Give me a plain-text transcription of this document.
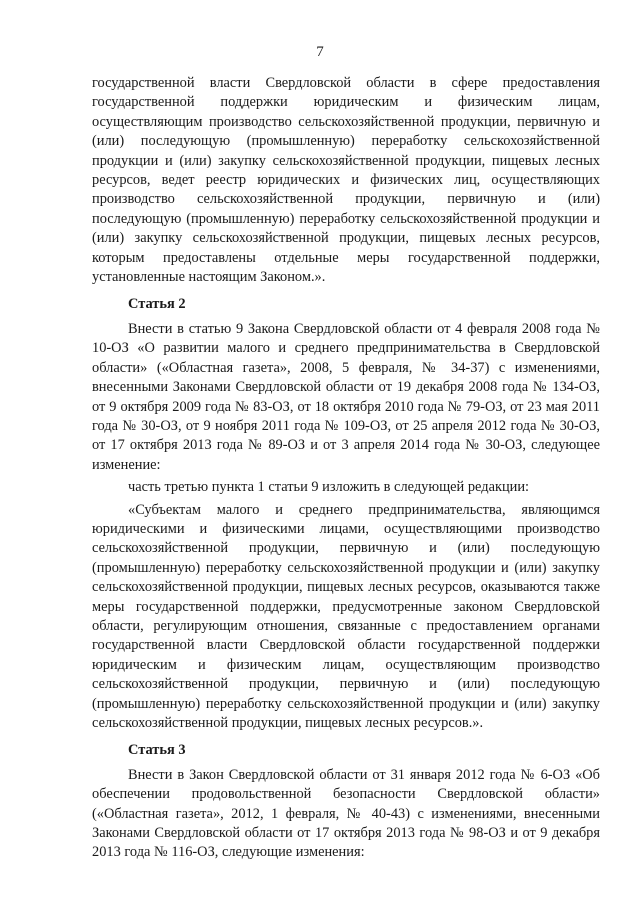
7

государственной власти Свердловской области в сфере предоставления государственной поддержки юридическим и физическим лицам, осуществляющим производство сельскохозяйственной продукции, первичную и (или) последующую (промышленную) переработку сельскохозяйственной продукции и (или) закупку сельскохозяйственной продукции, пищевых лесных ресурсов, ведет реестр юридических и физических лиц, осуществляющих производство сельскохозяйственной продукции, первичную и (или) последующую (промышленную) переработку сельскохозяйственной продукции и (или) закупку сельскохозяйственной продукции, пищевых лесных ресурсов, которым предоставлены отдельные меры государственной поддержки, установленные настоящим Законом.».

Статья 2

Внести в статью 9 Закона Свердловской области от 4 февраля 2008 года № 10-ОЗ «О развитии малого и среднего предпринимательства в Свердловской области» («Областная газета», 2008, 5 февраля, № 34-37) с изменениями, внесенными Законами Свердловской области от 19 декабря 2008 года № 134-ОЗ, от 9 октября 2009 года № 83-ОЗ, от 18 октября 2010 года № 79-ОЗ, от 23 мая 2011 года № 30-ОЗ, от 9 ноября 2011 года № 109-ОЗ, от 25 апреля 2012 года № 30-ОЗ, от 17 октября 2013 года № 89-ОЗ и от 3 апреля 2014 года № 30-ОЗ, следующее изменение:

часть третью пункта 1 статьи 9 изложить в следующей редакции:

«Субъектам малого и среднего предпринимательства, являющимся юридическими и физическими лицами, осуществляющими производство сельскохозяйственной продукции, первичную и (или) последующую (промышленную) переработку сельскохозяйственной продукции и (или) закупку сельскохозяйственной продукции, пищевых лесных ресурсов, оказываются также меры государственной поддержки, предусмотренные законом Свердловской области, регулирующим отношения, связанные с предоставлением органами государственной власти Свердловской области государственной поддержки юридическим и физическим лицам, осуществляющим производство сельскохозяйственной продукции, первичную и (или) последующую (промышленную) переработку сельскохозяйственной продукции и (или) закупку сельскохозяйственной продукции, пищевых лесных ресурсов.».

Статья 3

Внести в Закон Свердловской области от 31 января 2012 года № 6-ОЗ «Об обеспечении продовольственной безопасности Свердловской области» («Областная газета», 2012, 1 февраля, № 40-43) с изменениями, внесенными Законами Свердловской области от 17 октября 2013 года № 98-ОЗ и от 9 декабря 2013 года № 116-ОЗ, следующие изменения:
